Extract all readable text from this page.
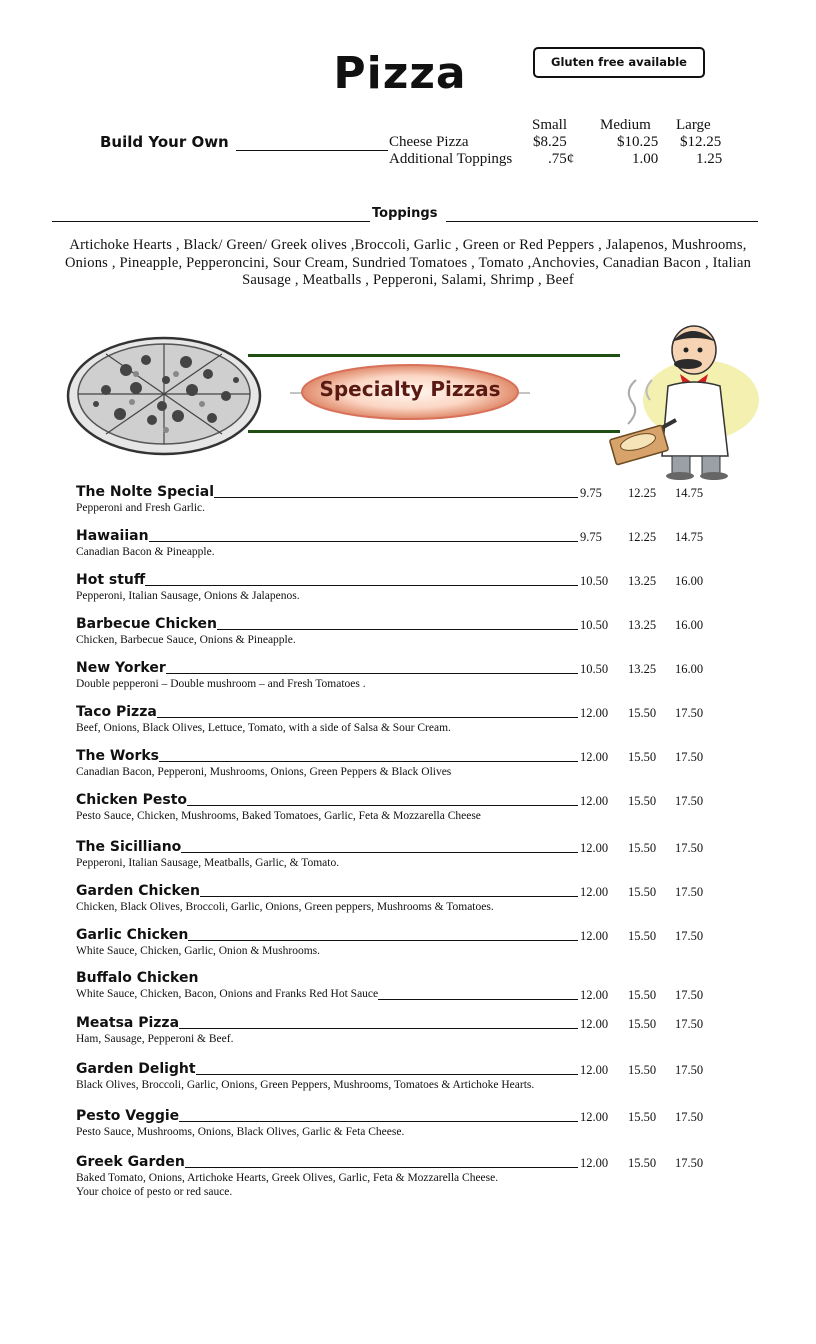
Pizza	Gluten free available
Build Your Own
Small Medium Large
Cheese Pizza	$8.25	$10.25 $12.25
Additional Toppings .75¢	1.00	1.25
Toppings
Artichoke Hearts , Black/ Green/ Greek olives ,Broccoli, Garlic , Green or Red Peppers , Jalapenos, Mushrooms, Onions , Pineapple, Pepperoncini, Sour Cream, Sundried Tomatoes , Tomato ,Anchovies, Canadian Bacon , Italian Sausage , Meatballs , Pepperoni, Salami, Shrimp , Beef
Specialty Pizzas
The Nolte Special
Pepperoni and Fresh Garlic.
9.75 12.25 14.75
Hawaiian
Canadian Bacon & Pineapple.
9.75 12.25 14.75
Hot stuff
Pepperoni, Italian Sausage, Onions & Jalapenos.
10.50 13.25 16.00
Barbecue Chicken
Chicken, Barbecue Sauce, Onions & Pineapple.
10.50 13.25 16.00
New Yorker
Double pepperoni – Double mushroom – and Fresh Tomatoes .
10.50 13.25 16.00
Taco Pizza
Beef, Onions, Black Olives, Lettuce, Tomato, with a side of Salsa & Sour Cream.
12.00 15.50 17.50
The Works
Canadian Bacon, Pepperoni, Mushrooms, Onions, Green Peppers & Black Olives
12.00 15.50 17.50
Chicken Pesto
Pesto Sauce, Chicken, Mushrooms, Baked Tomatoes, Garlic, Feta & Mozzarella Cheese
12.00 15.50 17.50
The Sicilliano
Pepperoni, Italian Sausage, Meatballs, Garlic, & Tomato.
12.00 15.50 17.50
Garden Chicken
Chicken, Black Olives, Broccoli, Garlic, Onions, Green peppers, Mushrooms & Tomatoes.
12.00 15.50 17.50
Garlic Chicken
White Sauce, Chicken, Garlic, Onion & Mushrooms.
12.00 15.50 17.50
Buffalo Chicken
White Sauce, Chicken, Bacon, Onions and Franks Red Hot Sauce	12.00 15.50 17.50
Meatsa Pizza
Ham, Sausage, Pepperoni & Beef.
12.00 15.50 17.50
Garden Delight
Black Olives, Broccoli, Garlic, Onions, Green Peppers, Mushrooms, Tomatoes & Artichoke Hearts.
12.00 15.50 17.50
Pesto Veggie
Pesto Sauce, Mushrooms, Onions, Black Olives, Garlic & Feta Cheese.
12.00 15.50 17.50
Greek Garden
Baked Tomato, Onions, Artichoke Hearts, Greek Olives, Garlic, Feta & Mozzarella Cheese.
Your choice of pesto or red sauce.
12.00 15.50 17.50
